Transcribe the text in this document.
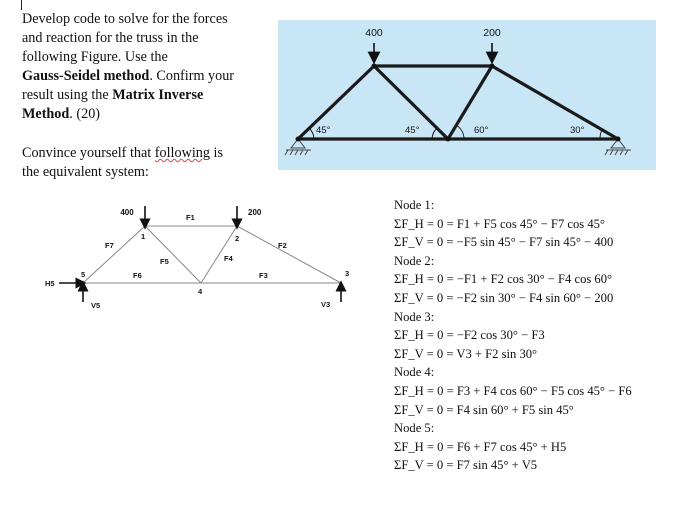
Develop code to solve for the forces
and reaction for the truss in the
following Figure. Use the
Gauss-Seidel method. Confirm your
result using the Matrix Inverse
Method. (20)
Convince yourself that following is
the equivalent system:
400	200
45°	45°	60°	30°
400	200
F1
F2
F3
F4
F5
F6
F7
1	2
3
4
5
H5
V5	V3
Node 1:
ΣF_H = 0 = F1 + F5 cos 45° − F7 cos 45°
ΣF_V = 0 = −F5 sin 45° − F7 sin 45° − 400
Node 2:
ΣF_H = 0 = −F1 + F2 cos 30° − F4 cos 60°
ΣF_V = 0 = −F2 sin 30° − F4 sin 60° − 200
Node 3:
ΣF_H = 0 = −F2 cos 30° − F3
ΣF_V = 0 = V3 + F2 sin 30°
Node 4:
ΣF_H = 0 = F3 + F4 cos 60° − F5 cos 45° − F6
ΣF_V = 0 = F4 sin 60° + F5 sin 45°
Node 5:
ΣF_H = 0 = F6 + F7 cos 45° + H5
ΣF_V = 0 = F7 sin 45° + V5
